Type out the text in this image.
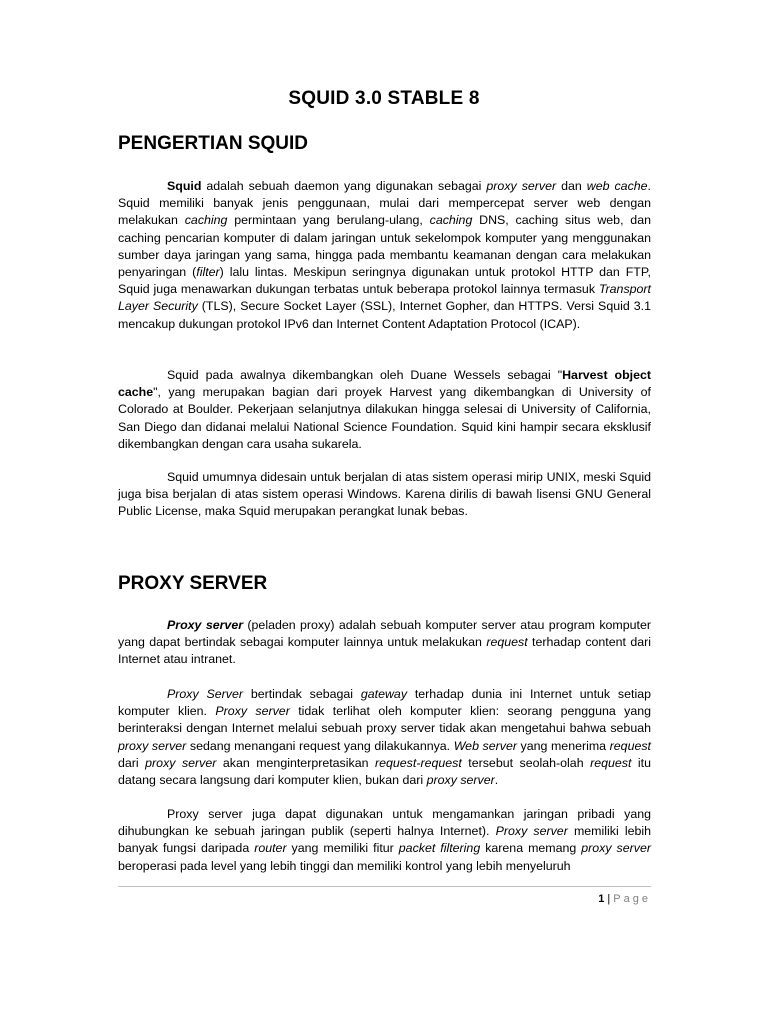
SQUID 3.0 STABLE 8
PENGERTIAN SQUID
Squid adalah sebuah daemon yang digunakan sebagai proxy server dan web cache. Squid memiliki banyak jenis penggunaan, mulai dari mempercepat server web dengan melakukan caching permintaan yang berulang-ulang, caching DNS, caching situs web, dan caching pencarian komputer di dalam jaringan untuk sekelompok komputer yang menggunakan sumber daya jaringan yang sama, hingga pada membantu keamanan dengan cara melakukan penyaringan (filter) lalu lintas. Meskipun seringnya digunakan untuk protokol HTTP dan FTP, Squid juga menawarkan dukungan terbatas untuk beberapa protokol lainnya termasuk Transport Layer Security (TLS), Secure Socket Layer (SSL), Internet Gopher, dan HTTPS. Versi Squid 3.1 mencakup dukungan protokol IPv6 dan Internet Content Adaptation Protocol (ICAP).
Squid pada awalnya dikembangkan oleh Duane Wessels sebagai "Harvest object cache", yang merupakan bagian dari proyek Harvest yang dikembangkan di University of Colorado at Boulder. Pekerjaan selanjutnya dilakukan hingga selesai di University of California, San Diego dan didanai melalui National Science Foundation. Squid kini hampir secara eksklusif dikembangkan dengan cara usaha sukarela.
Squid umumnya didesain untuk berjalan di atas sistem operasi mirip UNIX, meski Squid juga bisa berjalan di atas sistem operasi Windows. Karena dirilis di bawah lisensi GNU General Public License, maka Squid merupakan perangkat lunak bebas.
PROXY SERVER
Proxy server (peladen proxy) adalah sebuah komputer server atau program komputer yang dapat bertindak sebagai komputer lainnya untuk melakukan request terhadap content dari Internet atau intranet.
Proxy Server bertindak sebagai gateway terhadap dunia ini Internet untuk setiap komputer klien. Proxy server tidak terlihat oleh komputer klien: seorang pengguna yang berinteraksi dengan Internet melalui sebuah proxy server tidak akan mengetahui bahwa sebuah proxy server sedang menangani request yang dilakukannya. Web server yang menerima request dari proxy server akan menginterpretasikan request-request tersebut seolah-olah request itu datang secara langsung dari komputer klien, bukan dari proxy server.
Proxy server juga dapat digunakan untuk mengamankan jaringan pribadi yang dihubungkan ke sebuah jaringan publik (seperti halnya Internet). Proxy server memiliki lebih banyak fungsi daripada router yang memiliki fitur packet filtering karena memang proxy server beroperasi pada level yang lebih tinggi dan memiliki kontrol yang lebih menyeluruh
1 | Page
